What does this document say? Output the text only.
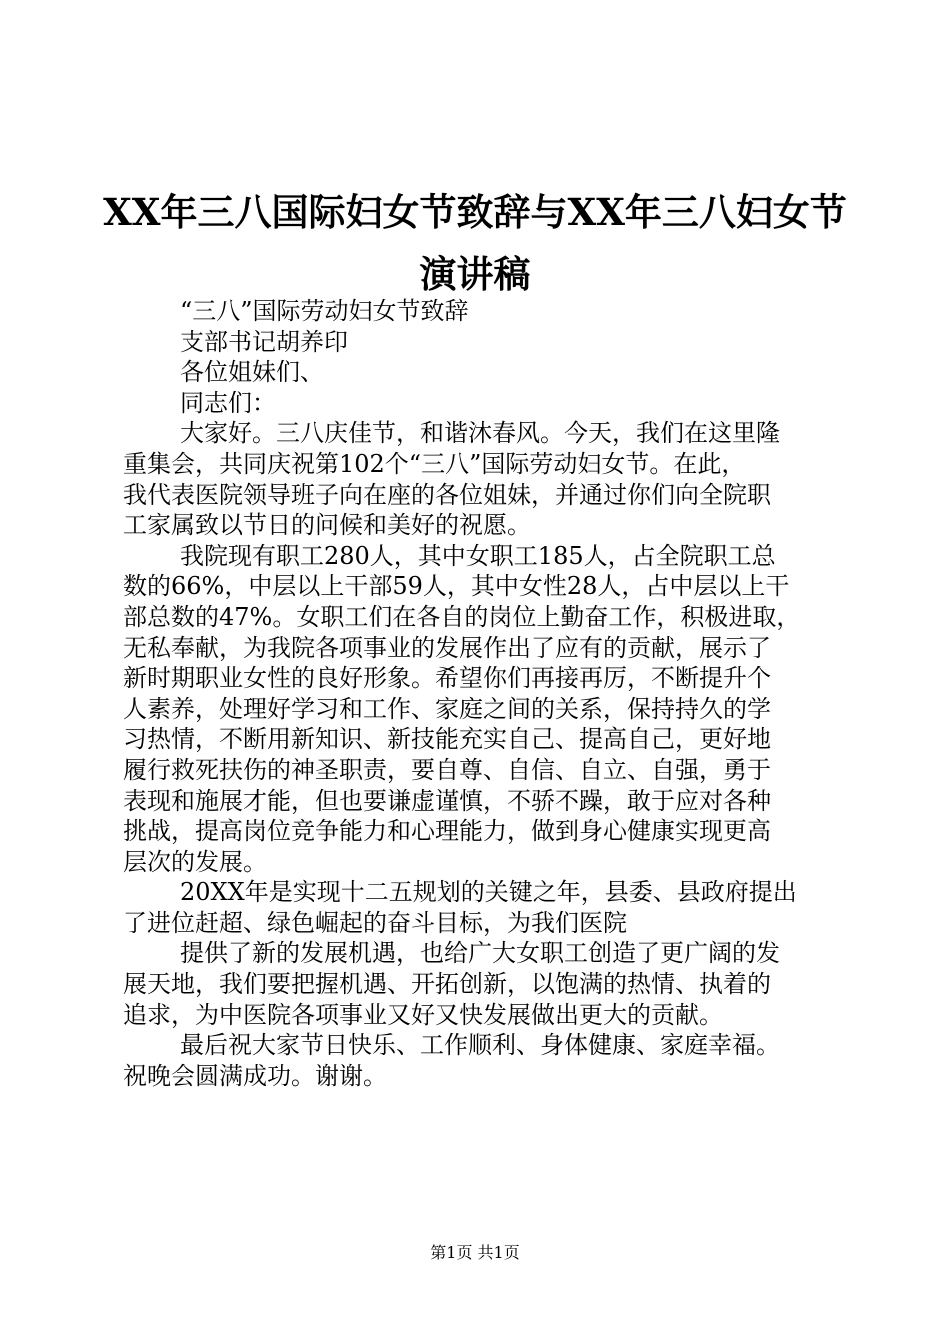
XX年三八国际妇女节致辞与XX年三八妇女节
演讲稿
“三八”国际劳动妇女节致辞
支部书记胡养印
各位姐妹们、
同志们：
大家好。三八庆佳节，和谐沐春风。今天，我们在这里隆
重集会，共同庆祝第102个“三八”国际劳动妇女节。在此，
我代表医院领导班子向在座的各位姐妹，并通过你们向全院职
工家属致以节日的问候和美好的祝愿。
我院现有职工280人，其中女职工185人，占全院职工总
数的66%，中层以上干部59人，其中女性28人，占中层以上干
部总数的47%。女职工们在各自的岗位上勤奋工作，积极进取，
无私奉献，为我院各项事业的发展作出了应有的贡献，展示了
新时期职业女性的良好形象。希望你们再接再厉，不断提升个
人素养，处理好学习和工作、家庭之间的关系，保持持久的学
习热情，不断用新知识、新技能充实自己、提高自己，更好地
履行救死扶伤的神圣职责，要自尊、自信、自立、自强，勇于
表现和施展才能，但也要谦虚谨慎，不骄不躁，敢于应对各种
挑战，提高岗位竞争能力和心理能力，做到身心健康实现更高
层次的发展。
20XX年是实现十二五规划的关键之年，县委、县政府提出
了进位赶超、绿色崛起的奋斗目标，为我们医院
提供了新的发展机遇，也给广大女职工创造了更广阔的发
展天地，我们要把握机遇、开拓创新，以饱满的热情、执着的
追求，为中医院各项事业又好又快发展做出更大的贡献。
最后祝大家节日快乐、工作顺利、身体健康、家庭幸福。
祝晚会圆满成功。谢谢。
第1页 共1页
